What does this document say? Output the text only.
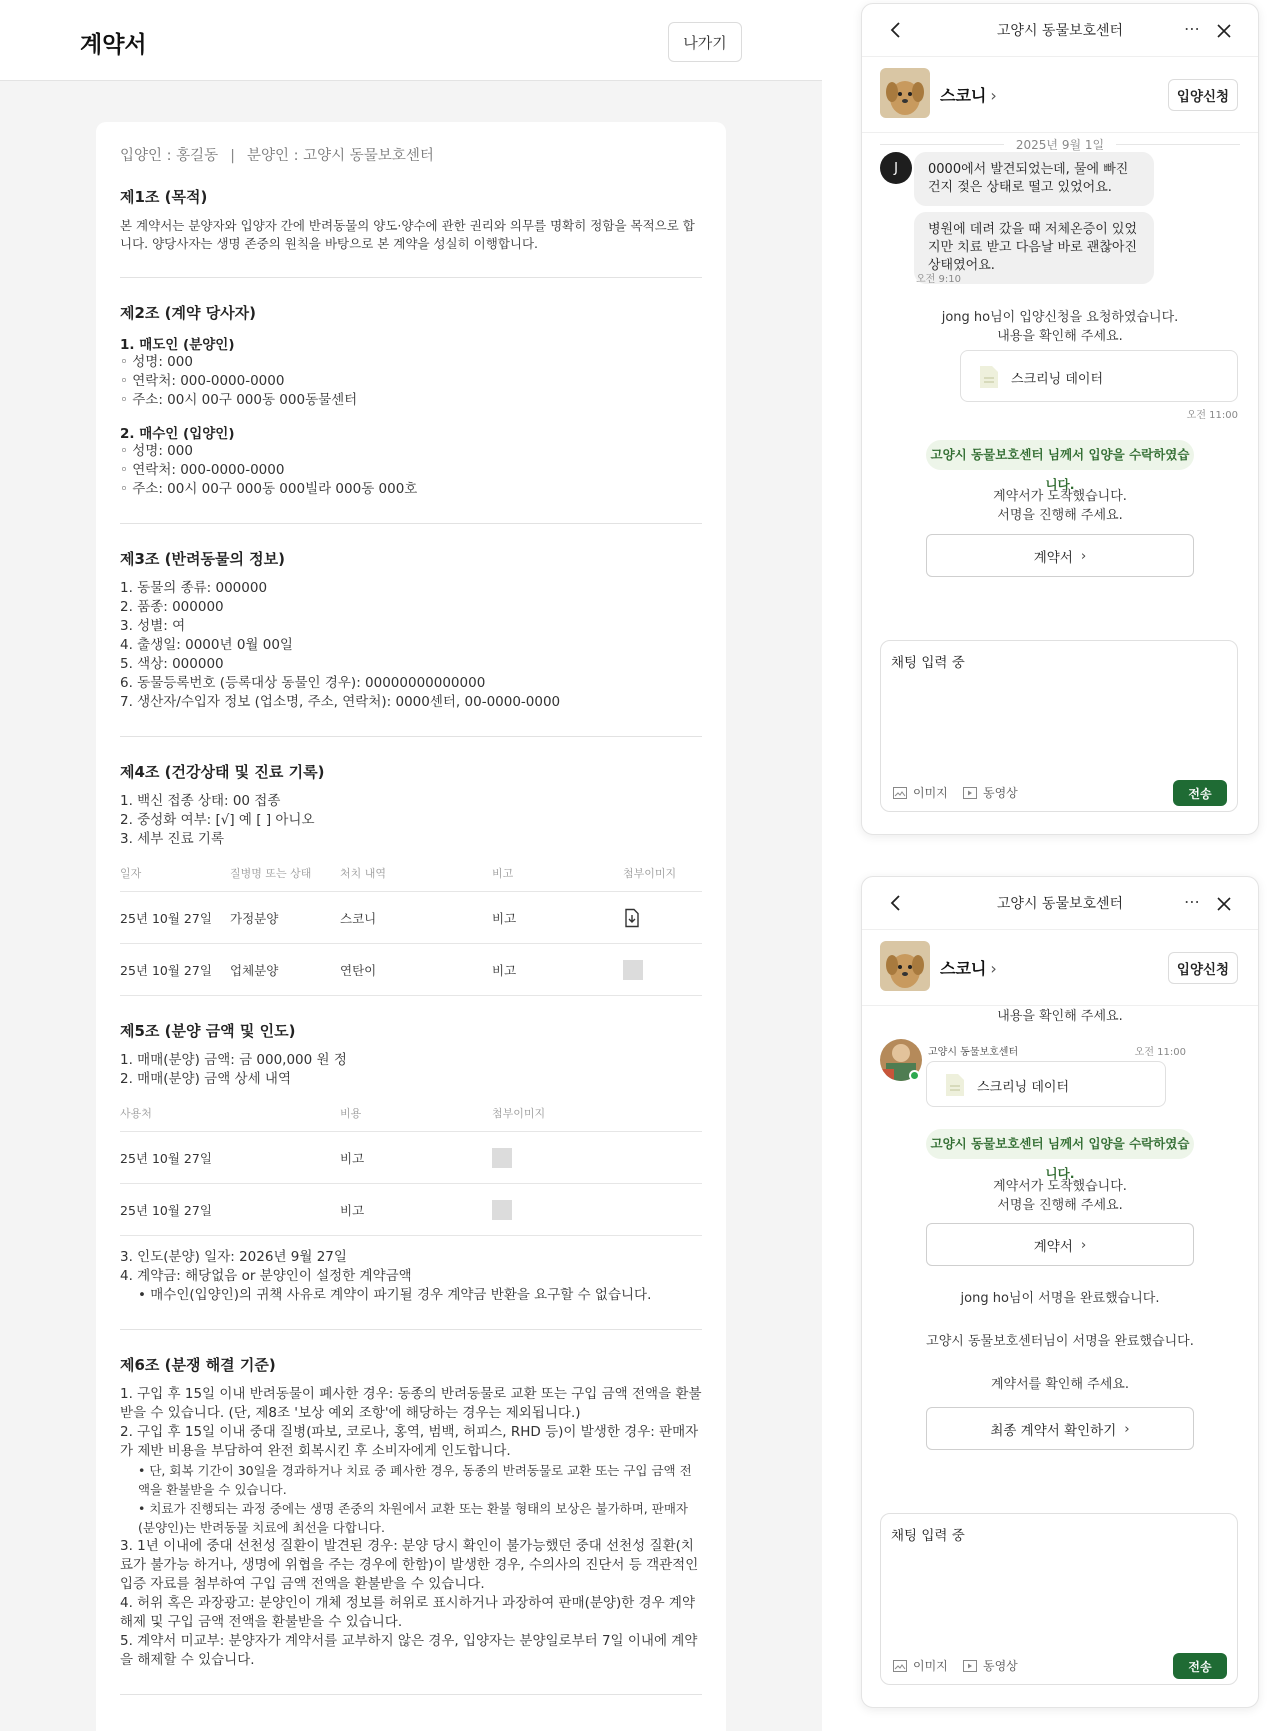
계약서	나가기
입양인 : 홍길동 | 분양인 : 고양시 동물보호센터
제1조 (목적)

본 계약서는 분양자와 입양자 간에 반려동물의 양도·양수에 관한 권리와 의무를 명확히 정함을 목적으로 합니다. 양당사자는 생명 존중의 원칙을 바탕으로 본 계약을 성실히 이행합니다.

제2조 (계약 당사자)
1. 매도인 (분양인)
◦ 성명: 000
◦ 연락처: 000-0000-0000
◦ 주소: 00시 00구 000동 000동물센터
2. 매수인 (입양인)
◦ 성명: 000
◦ 연락처: 000-0000-0000
◦ 주소: 00시 00구 000동 000빌라 000동 000호
제3조 (반려동물의 정보)
1. 동물의 종류: 000000
2. 품종: 000000
3. 성별: 여
4. 출생일: 0000년 0월 00일
5. 색상: 000000
6. 동물등록번호 (등록대상 동물인 경우): 00000000000000
7. 생산자/수입자 정보 (업소명, 주소, 연락처): 0000센터, 00-0000-0000
제4조 (건강상태 및 진료 기록)
1. 백신 접종 상태: 00 접종
2. 중성화 여부: [√] 예 [ ] 아니오
3. 세부 진료 기록
일자	질병명 또는 상태	처치 내역	비고	첨부이미지
25년 10월 27일	가정분양	스코니	비고	
25년 10월 27일	업체분양	연탄이	비고	
제5조 (분양 금액 및 인도)
1. 매매(분양) 금액: 금 000,000 원 정
2. 매매(분양) 금액 상세 내역
사용처	비용	첨부이미지
25년 10월 27일	비고	
25년 10월 27일	비고	
3. 인도(분양) 일자: 2026년 9월 27일
4. 계약금: 해당없음 or 분양인이 설정한 계약금액
• 매수인(입양인)의 귀책 사유로 계약이 파기될 경우 계약금 반환을 요구할 수 없습니다.
제6조 (분쟁 해결 기준)
1. 구입 후 15일 이내 반려동물이 폐사한 경우: 동종의 반려동물로 교환 또는 구입 금액 전액을 환불받을 수 있습니다. (단, 제8조 '보상 예외 조항'에 해당하는 경우는 제외됩니다.)
2. 구입 후 15일 이내 중대 질병(파보, 코로나, 홍역, 범백, 허피스, RHD 등)이 발생한 경우: 판매자가 제반 비용을 부담하여 완전 회복시킨 후 소비자에게 인도합니다.
• 단, 회복 기간이 30일을 경과하거나 치료 중 폐사한 경우, 동종의 반려동물로 교환 또는 구입 금액 전액을 환불받을 수 있습니다.
• 치료가 진행되는 과정 중에는 생명 존중의 차원에서 교환 또는 환불 형태의 보상은 불가하며, 판매자(분양인)는 반려동물 치료에 최선을 다합니다.
3. 1년 이내에 중대 선천성 질환이 발견된 경우: 분양 당시 확인이 불가능했던 중대 선천성 질환(치료가 불가능 하거나, 생명에 위협을 주는 경우에 한함)이 발생한 경우, 수의사의 진단서 등 객관적인 입증 자료를 첨부하여 구입 금액 전액을 환불받을 수 있습니다.
4. 허위 혹은 과장광고: 분양인이 개체 정보를 허위로 표시하거나 과장하여 판매(분양)한 경우 계약해제 및 구입 금액 전액을 환불받을 수 있습니다.
5. 계약서 미교부: 분양자가 계약서를 교부하지 않은 경우, 입양자는 분양일로부터 7일 이내에 계약을 해제할 수 있습니다.
고양시 동물보호센터	⋯
스코니 ›	입양신청
2025년 9월 1일
J	0000에서 발견되었는데, 물에 빠진건지 젖은 상태로 떨고 있었어요.
병원에 데려 갔을 때 저체온증이 있었지만 치료 받고 다음날 바로 괜찮아진 상태였어요.
오전 9:10
jong ho님이 입양신청을 요청하였습니다.
내용을 확인해 주세요.
스크리닝 데이터
오전 11:00
고양시 동물보호센터 님께서 입양을 수락하였습니다.
계약서가 도착했습니다.
서명을 진행해 주세요.
계약서 ›
채팅 입력 중
이미지	동영상	전송
고양시 동물보호센터	⋯
스코니 ›	입양신청
내용을 확인해 주세요.
고양시 동물보호센터	오전 11:00
스크리닝 데이터
고양시 동물보호센터 님께서 입양을 수락하였습니다.
계약서가 도착했습니다.
서명을 진행해 주세요.
계약서 ›
jong ho님이 서명을 완료했습니다.
고양시 동물보호센터님이 서명을 완료했습니다.
계약서를 확인해 주세요.
최종 계약서 확인하기 ›
채팅 입력 중
이미지	동영상	전송
